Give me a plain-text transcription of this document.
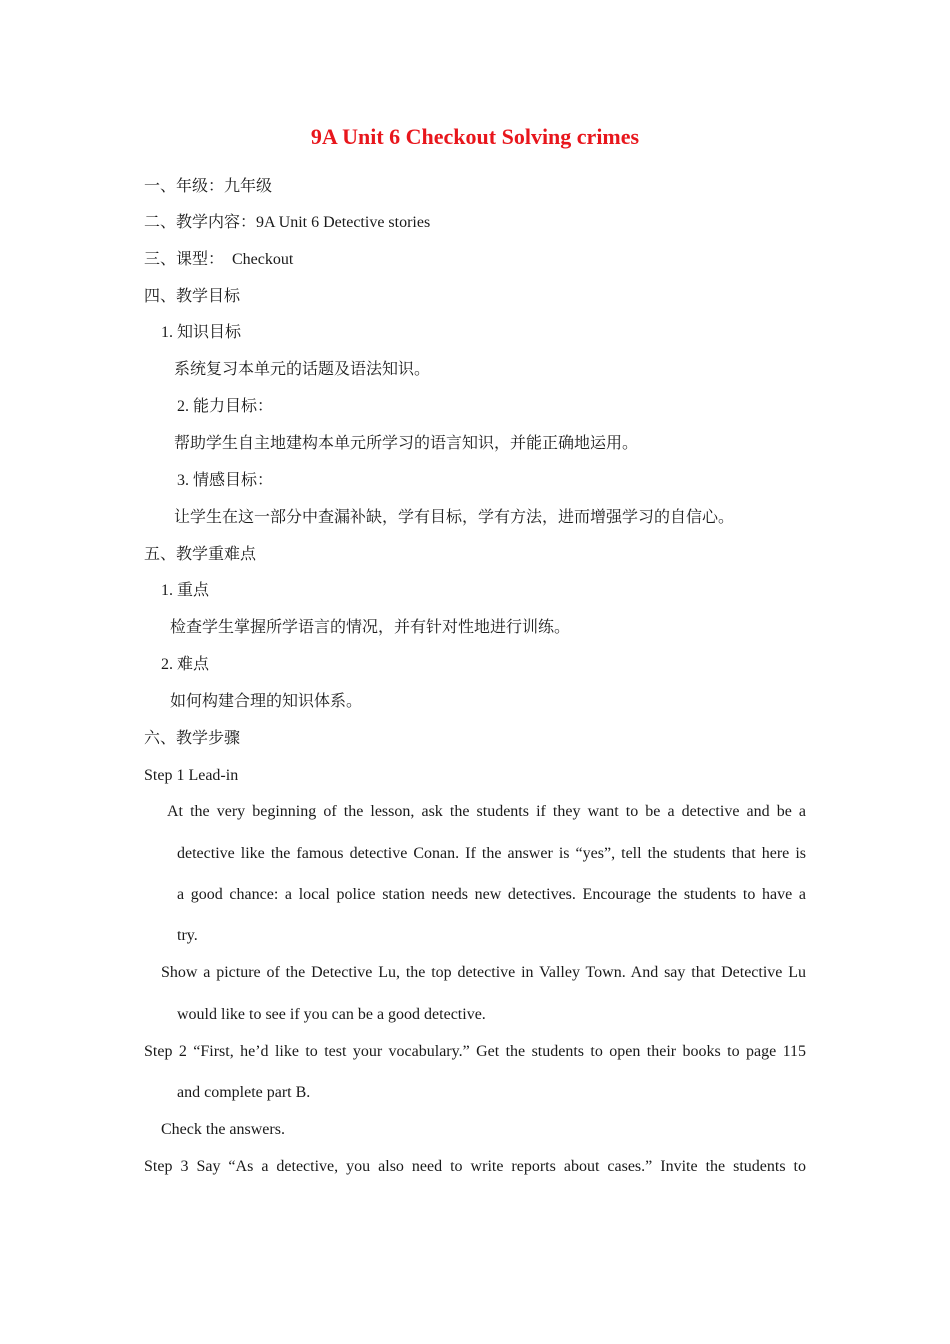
9A Unit 6 Checkout Solving crimes
一、年级：九年级
二、教学内容：9A Unit 6 Detective stories
三、课型：  Checkout
四、教学目标
1. 知识目标
系统复习本单元的话题及语法知识。
2. 能力目标：
帮助学生自主地建构本单元所学习的语言知识，并能正确地运用。
3. 情感目标：
让学生在这一部分中查漏补缺，学有目标，学有方法，进而增强学习的自信心。
五、教学重难点
1. 重点
检查学生掌握所学语言的情况，并有针对性地进行训练。
2. 难点
如何构建合理的知识体系。
六、教学步骤
Step 1 Lead-in
At the very beginning of the lesson, ask the students if they want to be a detective and be a
detective like the famous detective Conan. If the answer is “yes”, tell the students that here is
a good chance: a local police station needs new detectives. Encourage the students to have a
try.
Show a picture of the Detective Lu, the top detective in Valley Town. And say that Detective Lu
would like to see if you can be a good detective.
Step 2 “First, he’d like to test your vocabulary.” Get the students to open their books to page 115
and complete part B.
Check the answers.
Step 3 Say “As a detective, you also need to write reports about cases.” Invite the students to
